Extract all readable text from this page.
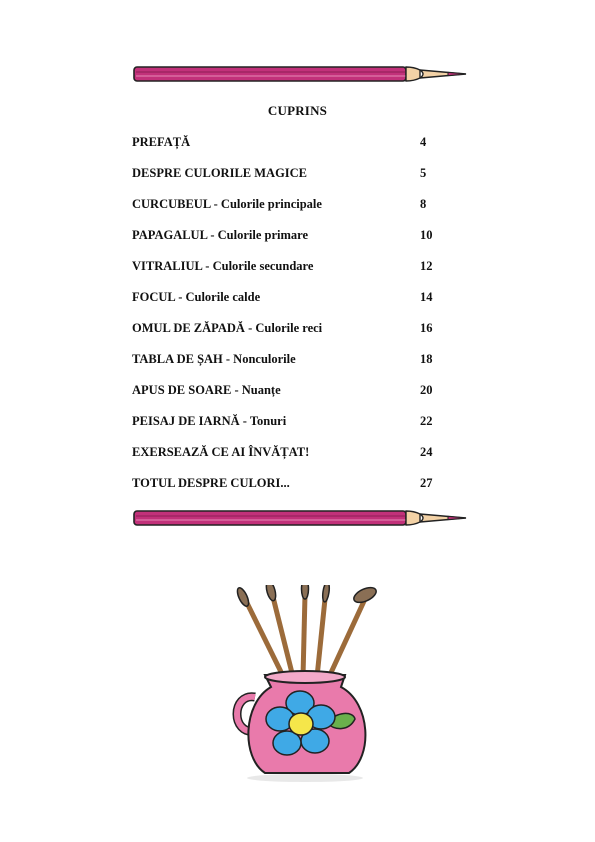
CUPRINS
PREFAȚĂ	4
DESPRE CULORILE MAGICE	5
CURCUBEUL - Culorile principale	8
PAPAGALUL - Culorile primare	10
VITRALIUL - Culorile secundare	12
FOCUL - Culorile calde	14
OMUL DE ZĂPADĂ - Culorile reci	16
TABLA DE ȘAH - Nonculorile	18
APUS DE SOARE - Nuanțe	20
PEISAJ DE IARNĂ - Tonuri	22
EXERSEAZĂ CE AI ÎNVĂȚAT!	24
TOTUL DESPRE CULORI...	27
